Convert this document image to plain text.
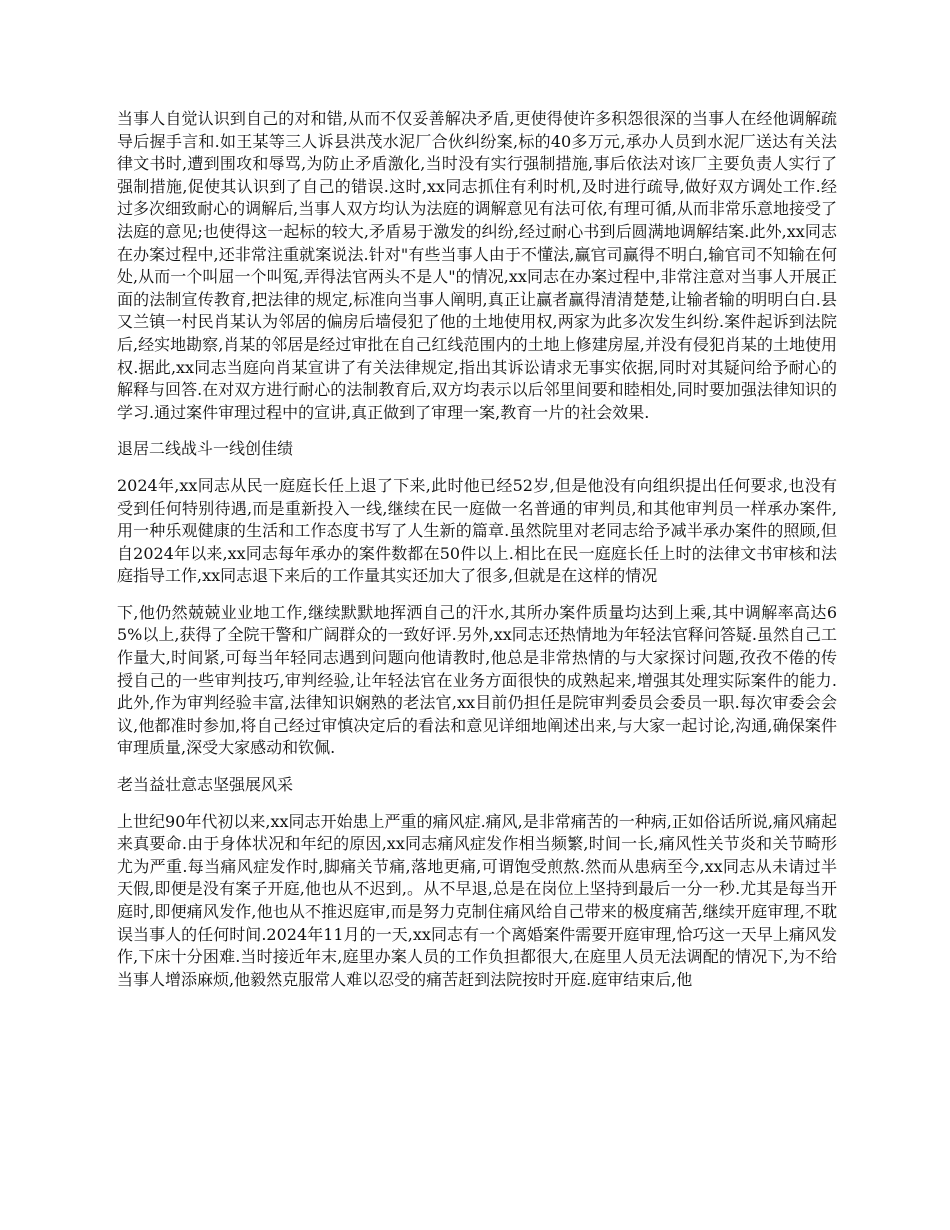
当事人自觉认识到自己的对和错,从而不仅妥善解决矛盾,更使得使许多积怨很深的当事人在经他调解疏导后握手言和.如王某等三人诉县洪茂水泥厂合伙纠纷案,标的40多万元,承办人员到水泥厂送达有关法律文书时,遭到围攻和辱骂,为防止矛盾激化,当时没有实行强制措施,事后依法对该厂主要负责人实行了强制措施,促使其认识到了自己的错误.这时,xx同志抓住有利时机,及时进行疏导,做好双方调处工作.经过多次细致耐心的调解后,当事人双方均认为法庭的调解意见有法可依,有理可循,从而非常乐意地接受了法庭的意见;也使得这一起标的较大,矛盾易于激发的纠纷,经过耐心书到后圆满地调解结案.此外,xx同志在办案过程中,还非常注重就案说法.针对"有些当事人由于不懂法,赢官司赢得不明白,输官司不知输在何处,从而一个叫屈一个叫冤,弄得法官两头不是人"的情况,xx同志在办案过程中,非常注意对当事人开展正面的法制宣传教育,把法律的规定,标准向当事人阐明,真正让赢者赢得清清楚楚,让输者输的明明白白.县又兰镇一村民肖某认为邻居的偏房后墙侵犯了他的土地使用权,两家为此多次发生纠纷.案件起诉到法院后,经实地勘察,肖某的邻居是经过审批在自己红线范围内的土地上修建房屋,并没有侵犯肖某的土地使用权.据此,xx同志当庭向肖某宣讲了有关法律规定,指出其诉讼请求无事实依据,同时对其疑问给予耐心的解释与回答.在对双方进行耐心的法制教育后,双方均表示以后邻里间要和睦相处,同时要加强法律知识的学习.通过案件审理过程中的宣讲,真正做到了审理一案,教育一片的社会效果.

退居二线战斗一线创佳绩

2024年,xx同志从民一庭庭长任上退了下来,此时他已经52岁,但是他没有向组织提出任何要求,也没有受到任何特别待遇,而是重新投入一线,继续在民一庭做一名普通的审判员,和其他审判员一样承办案件,用一种乐观健康的生活和工作态度书写了人生新的篇章.虽然院里对老同志给予减半承办案件的照顾,但自2024年以来,xx同志每年承办的案件数都在50件以上.相比在民一庭庭长任上时的法律文书审核和法庭指导工作,xx同志退下来后的工作量其实还加大了很多,但就是在这样的情况

下,他仍然兢兢业业地工作,继续默默地挥洒自己的汗水,其所办案件质量均达到上乘,其中调解率高达65%以上,获得了全院干警和广阔群众的一致好评.另外,xx同志还热情地为年轻法官释问答疑.虽然自己工作量大,时间紧,可每当年轻同志遇到问题向他请教时,他总是非常热情的与大家探讨问题,孜孜不倦的传授自己的一些审判技巧,审判经验,让年轻法官在业务方面很快的成熟起来,增强其处理实际案件的能力.此外,作为审判经验丰富,法律知识娴熟的老法官,xx目前仍担任是院审判委员会委员一职.每次审委会会议,他都准时参加,将自己经过审慎决定后的看法和意见详细地阐述出来,与大家一起讨论,沟通,确保案件审理质量,深受大家感动和钦佩.

老当益壮意志坚强展风采

上世纪90年代初以来,xx同志开始患上严重的痛风症.痛风,是非常痛苦的一种病,正如俗话所说,痛风痛起来真要命.由于身体状况和年纪的原因,xx同志痛风症发作相当频繁,时间一长,痛风性关节炎和关节畸形尤为严重.每当痛风症发作时,脚痛关节痛,落地更痛,可谓饱受煎熬.然而从患病至今,xx同志从未请过半天假,即便是没有案子开庭,他也从不迟到,。从不早退,总是在岗位上坚持到最后一分一秒.尤其是每当开庭时,即便痛风发作,他也从不推迟庭审,而是努力克制住痛风给自己带来的极度痛苦,继续开庭审理,不耽误当事人的任何时间.2024年11月的一天,xx同志有一个离婚案件需要开庭审理,恰巧这一天早上痛风发作,下床十分困难.当时接近年末,庭里办案人员的工作负担都很大,在庭里人员无法调配的情况下,为不给当事人增添麻烦,他毅然克服常人难以忍受的痛苦赶到法院按时开庭.庭审结束后,他
